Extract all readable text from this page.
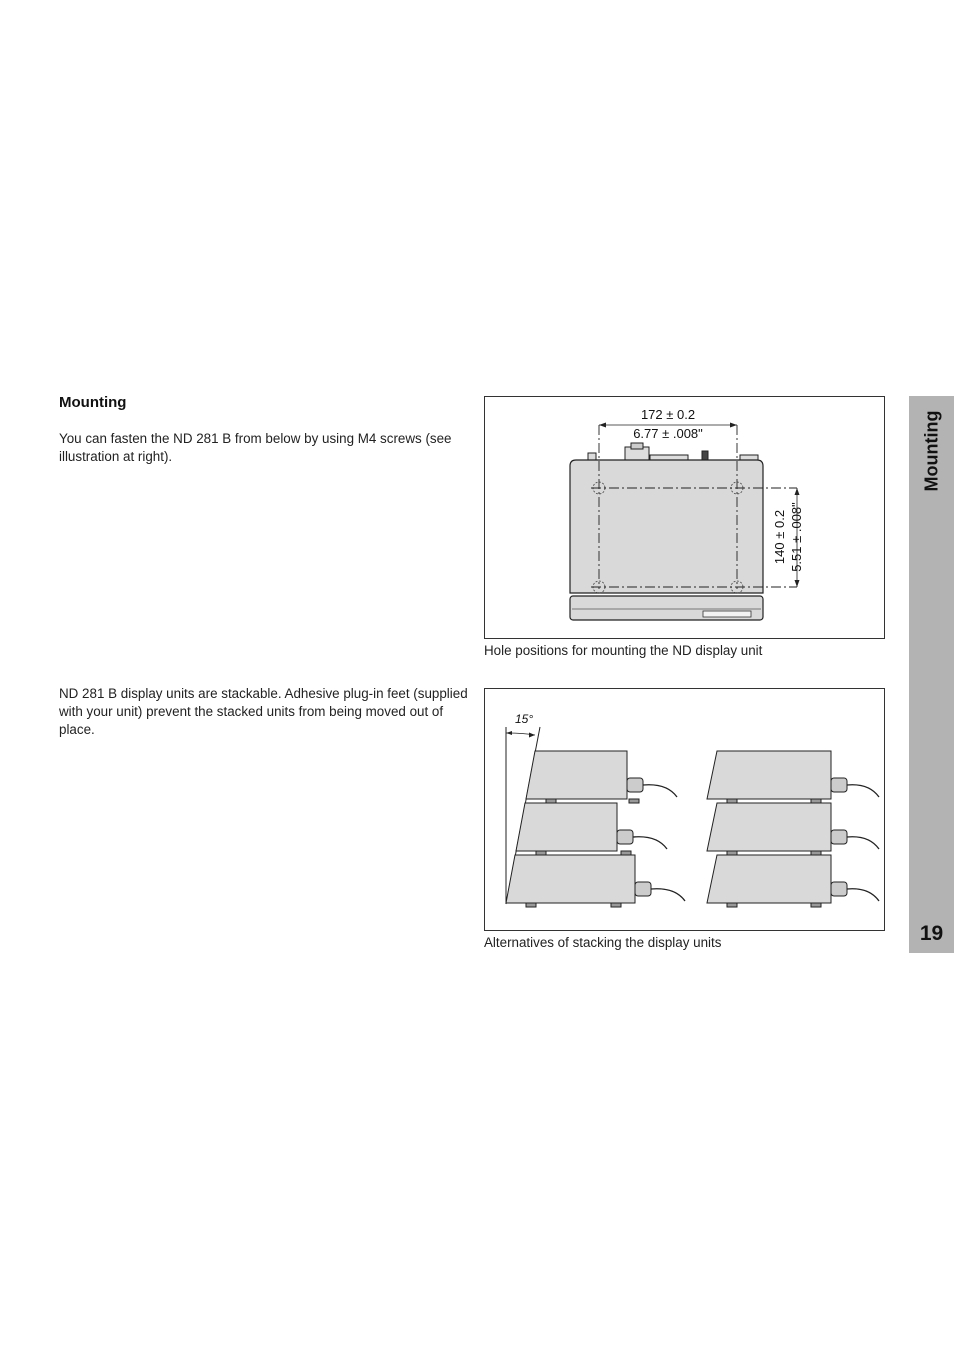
Mounting
You can fasten the ND 281 B from below by using M4 screws (see illustration at right).
ND 281 B display units are stackable. Adhesive plug-in feet (supplied with your unit) prevent the stacked units from being moved out of place.
172 ± 0.2
6.77 ± .008"
140 ± 0.2 5.51 ± .008"
Hole positions for mounting the ND display unit
15°
Alternatives of stacking the display units
Mounting
19
